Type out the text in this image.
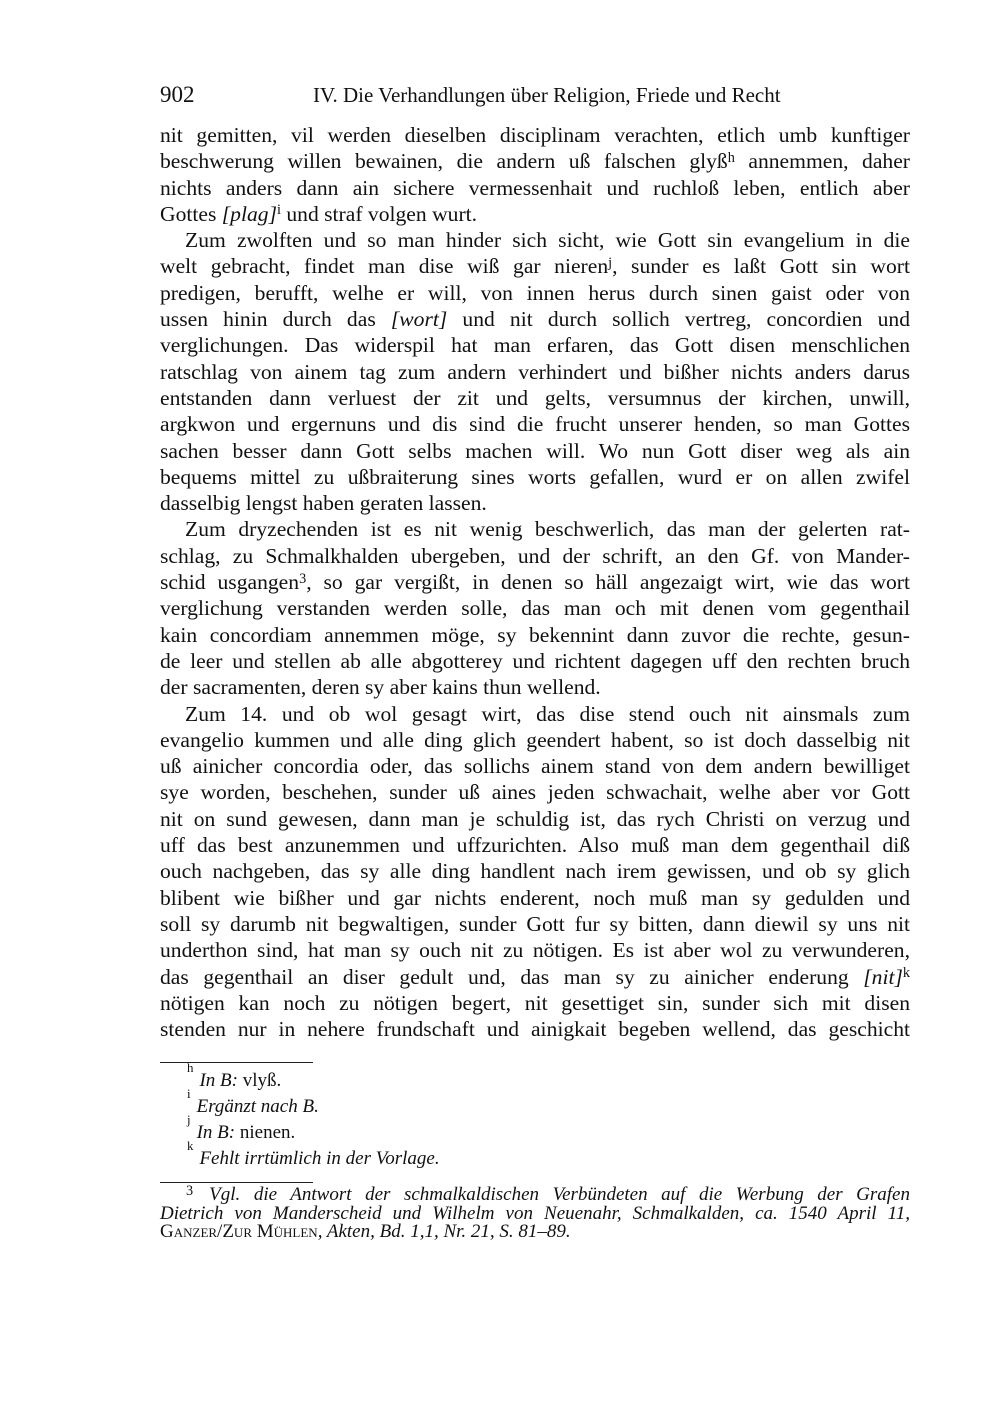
902	IV. Die Verhandlungen über Religion, Friede und Recht
nit gemitten, vil werden dieselben disciplinam verachten, etlich umb kunftiger
beschwerung willen bewainen, die andern uß falschen glyß$^h$ annemmen, daher
nichts anders dann ain sichere vermessenhait und ruchloß leben, entlich aber
Gottes [plag]$^i$ und straf volgen wurt.
Zum zwolften und so man hinder sich sicht, wie Gott sin evangelium in die
welt gebracht, findet man dise wiß gar nieren$^j$, sunder es laßt Gott sin wort
predigen, berufft, welhe er will, von innen herus durch sinen gaist oder von
ussen hinin durch das [wort] und nit durch sollich vertreg, concordien und
verglichungen. Das widerspil hat man erfaren, das Gott disen menschlichen
ratschlag von ainem tag zum andern verhindert und bißher nichts anders darus
entstanden dann verluest der zit und gelts, versumnus der kirchen, unwill,
argkwon und ergernuns und dis sind die frucht unserer henden, so man Gottes
sachen besser dann Gott selbs machen will. Wo nun Gott diser weg als ain
bequems mittel zu ußbraiterung sines worts gefallen, wurd er on allen zwifel
dasselbig lengst haben geraten lassen.
Zum dryzechenden ist es nit wenig beschwerlich, das man der gelerten rat-
schlag, zu Schmalkhalden ubergeben, und der schrift, an den Gf. von Mander-
schid usgangen$^3$, so gar vergißt, in denen so häll angezaigt wirt, wie das wort
verglichung verstanden werden solle, das man och mit denen vom gegenthail
kain concordiam annemmen möge, sy bekennint dann zuvor die rechte, gesun-
de leer und stellen ab alle abgotterey und richtent dagegen uff den rechten bruch
der sacramenten, deren sy aber kains thun wellend.
Zum 14. und ob wol gesagt wirt, das dise stend ouch nit ainsmals zum
evangelio kummen und alle ding glich geendert habent, so ist doch dasselbig nit
uß ainicher concordia oder, das sollichs ainem stand von dem andern bewilliget
sye worden, beschehen, sunder uß aines jeden schwachait, welhe aber vor Gott
nit on sund gewesen, dann man je schuldig ist, das rych Christi on verzug und
uff das best anzunemmen und uffzurichten. Also muß man dem gegenthail diß
ouch nachgeben, das sy alle ding handlent nach irem gewissen, und ob sy glich
blibent wie bißher und gar nichts enderent, noch muß man sy gedulden und
soll sy darumb nit begwaltigen, sunder Gott fur sy bitten, dann diewil sy uns nit
underthon sind, hat man sy ouch nit zu nötigen. Es ist aber wol zu verwunderen,
das gegenthail an diser gedult und, das man sy zu ainicher enderung [nit]$^k$
nötigen kan noch zu nötigen begert, nit gesettiget sin, sunder sich mit disen
stenden nur in nehere frundschaft und ainigkait begeben wellend, das geschicht
$^h$In B: vlyß.
$^i$Ergänzt nach B.
$^j$In B: nienen.
$^k$Fehlt irrtümlich in der Vorlage.
$^3$ Vgl. die Antwort der schmalkaldischen Verbündeten auf die Werbung der Grafen
Dietrich von Manderscheid und Wilhelm von Neuenahr, Schmalkalden, ca. 1540 April 11,
Ganzer/Zur Mühlen, Akten, Bd. 1,1, Nr. 21, S. 81–89.
